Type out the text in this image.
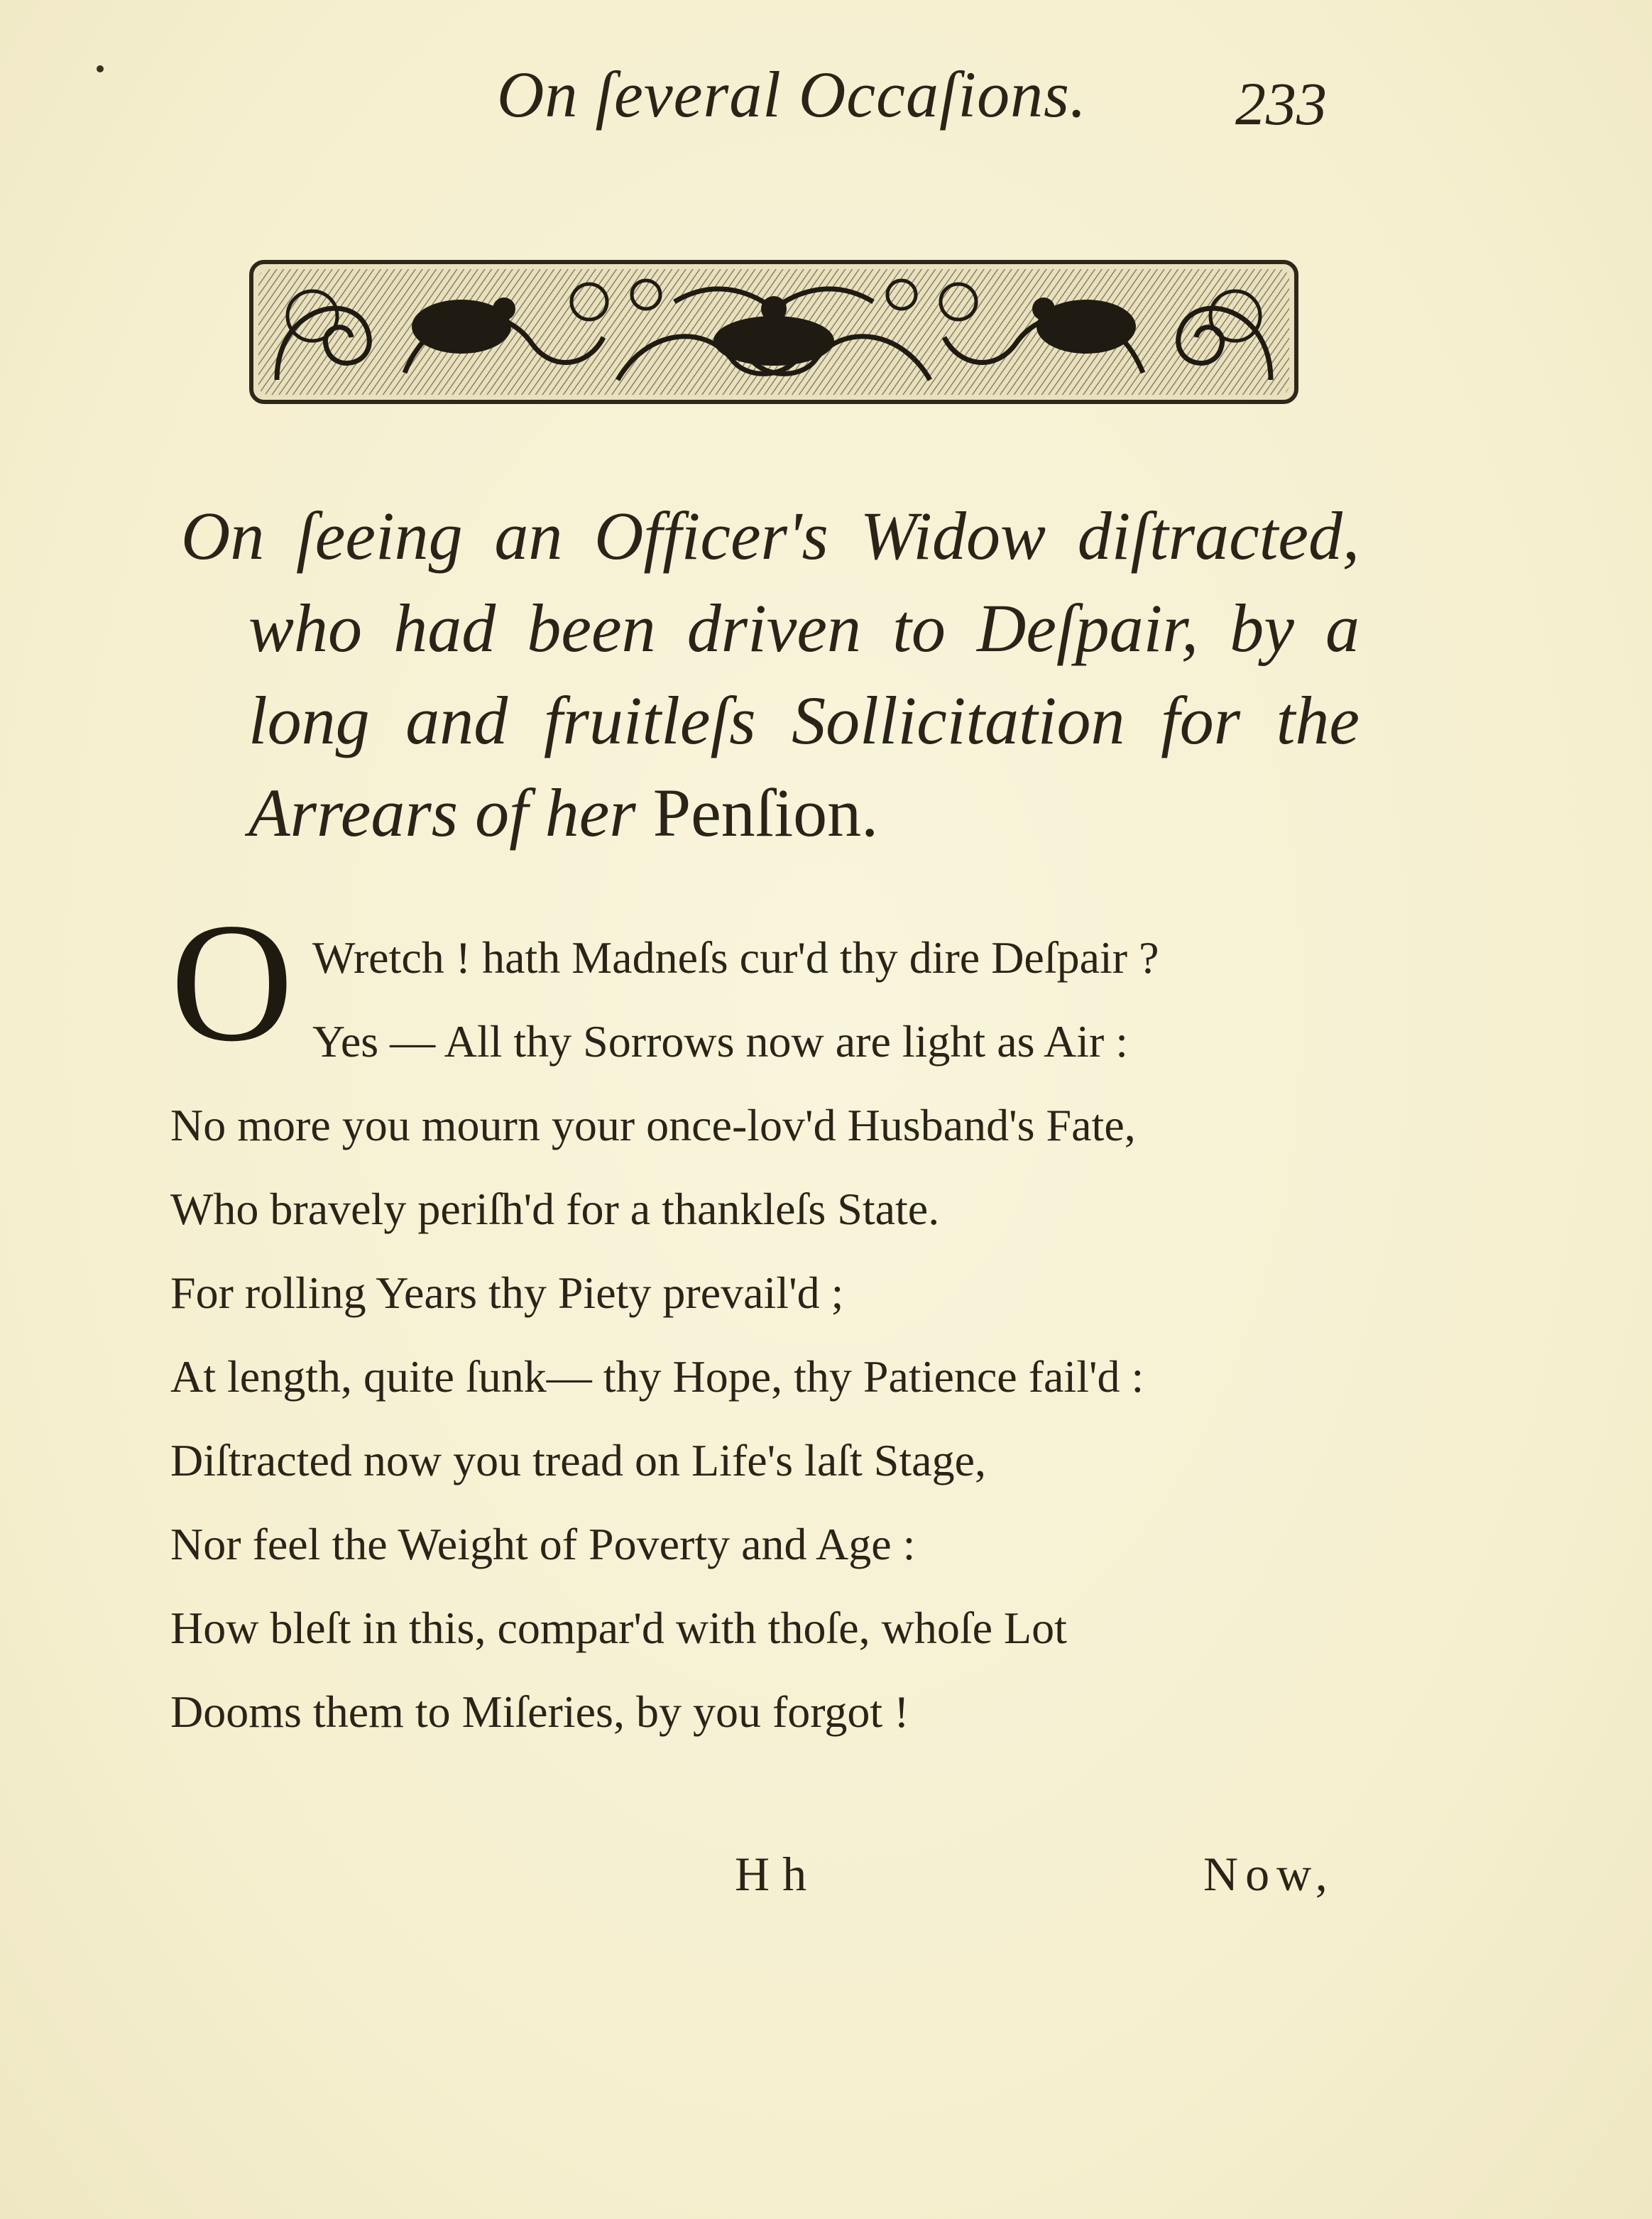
On ſeveral Occaſions.	233
On ſeeing an Officer's Widow diſtracted,
who had been driven to Deſpair, by a
long and fruitleſs Sollicitation for the
Arrears of her Penſion.
O Wretch ! hath Madneſs cur'd thy dire Deſpair ?
Yes — All thy Sorrows now are light as Air :
No more you mourn your once-lov'd Husband's Fate,
Who bravely periſh'd for a thankleſs State.
For rolling Years thy Piety prevail'd ;
At length, quite ſunk— thy Hope, thy Patience fail'd :
Diſtracted now you tread on Life's laſt Stage,
Nor feel the Weight of Poverty and Age :
How bleſt in this, compar'd with thoſe, whoſe Lot
Dooms them to Miſeries, by you forgot !
Hh	Now,
